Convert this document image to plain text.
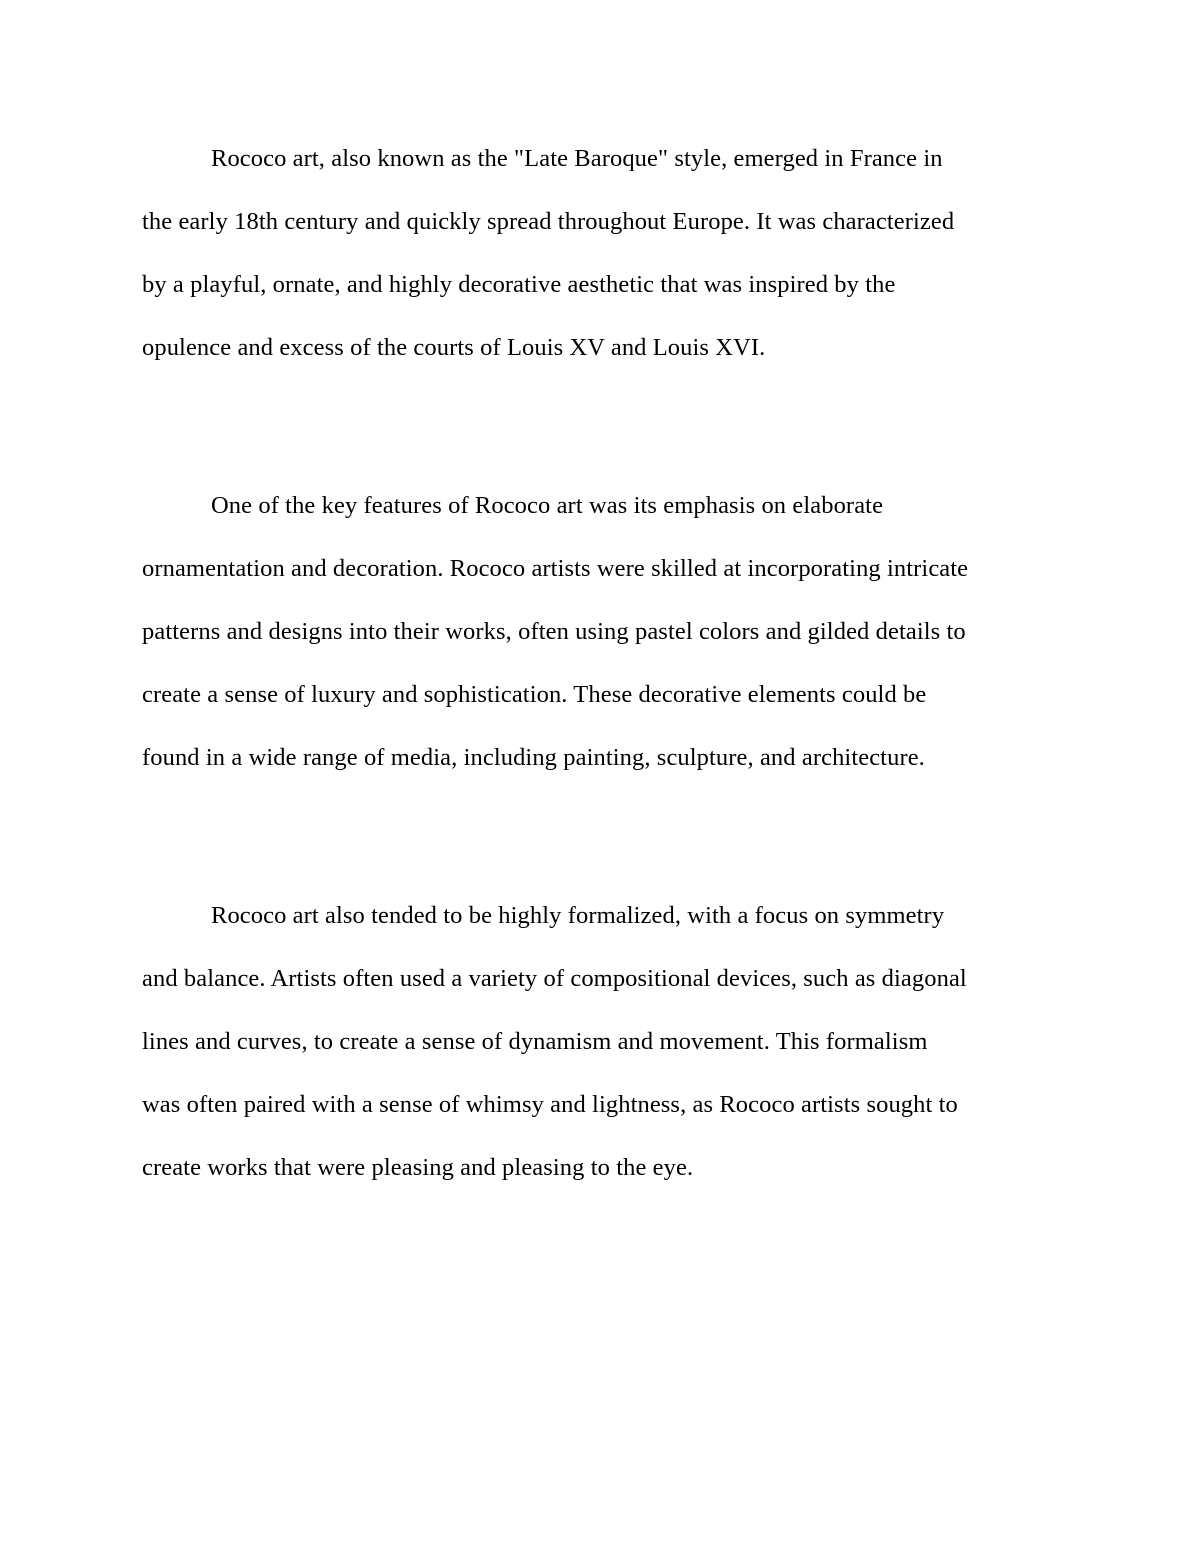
Rococo art, also known as the "Late Baroque" style, emerged in France in
the early 18th century and quickly spread throughout Europe. It was characterized
by a playful, ornate, and highly decorative aesthetic that was inspired by the
opulence and excess of the courts of Louis XV and Louis XVI.
One of the key features of Rococo art was its emphasis on elaborate
ornamentation and decoration. Rococo artists were skilled at incorporating intricate
patterns and designs into their works, often using pastel colors and gilded details to
create a sense of luxury and sophistication. These decorative elements could be
found in a wide range of media, including painting, sculpture, and architecture.
Rococo art also tended to be highly formalized, with a focus on symmetry
and balance. Artists often used a variety of compositional devices, such as diagonal
lines and curves, to create a sense of dynamism and movement. This formalism
was often paired with a sense of whimsy and lightness, as Rococo artists sought to
create works that were pleasing and pleasing to the eye.
